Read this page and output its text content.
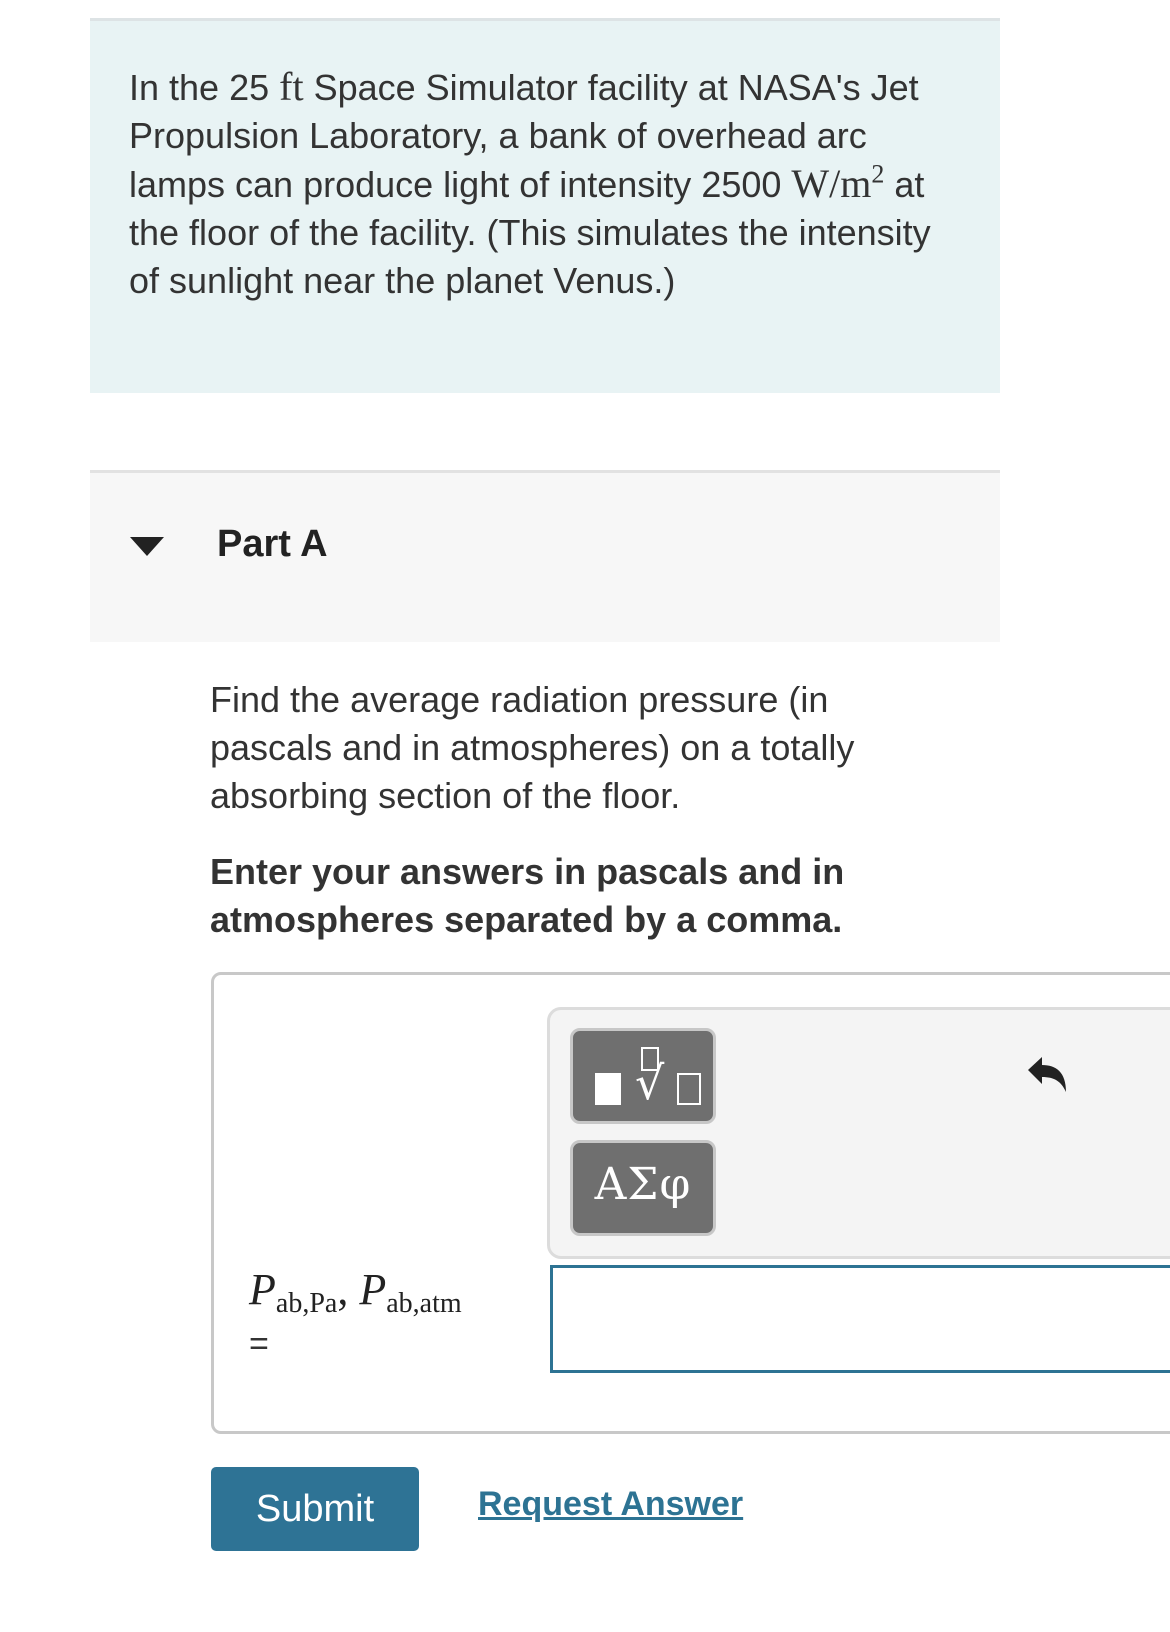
In the 25 ft Space Simulator facility at NASA's Jet Propulsion Laboratory, a bank of overhead arc lamps can produce light of intensity 2500 $W/m^2$ at the floor of the facility. (This simulates the intensity of sunlight near the planet Venus.)
Part A
Find the average radiation pressure (in pascals and in atmospheres) on a totally absorbing section of the floor.
Enter your answers in pascals and in atmospheres separated by a comma.
√
ΑΣφ
$P_{ab,Pa}$, $P_{ab,atm}$
=
Submit	Request Answer
